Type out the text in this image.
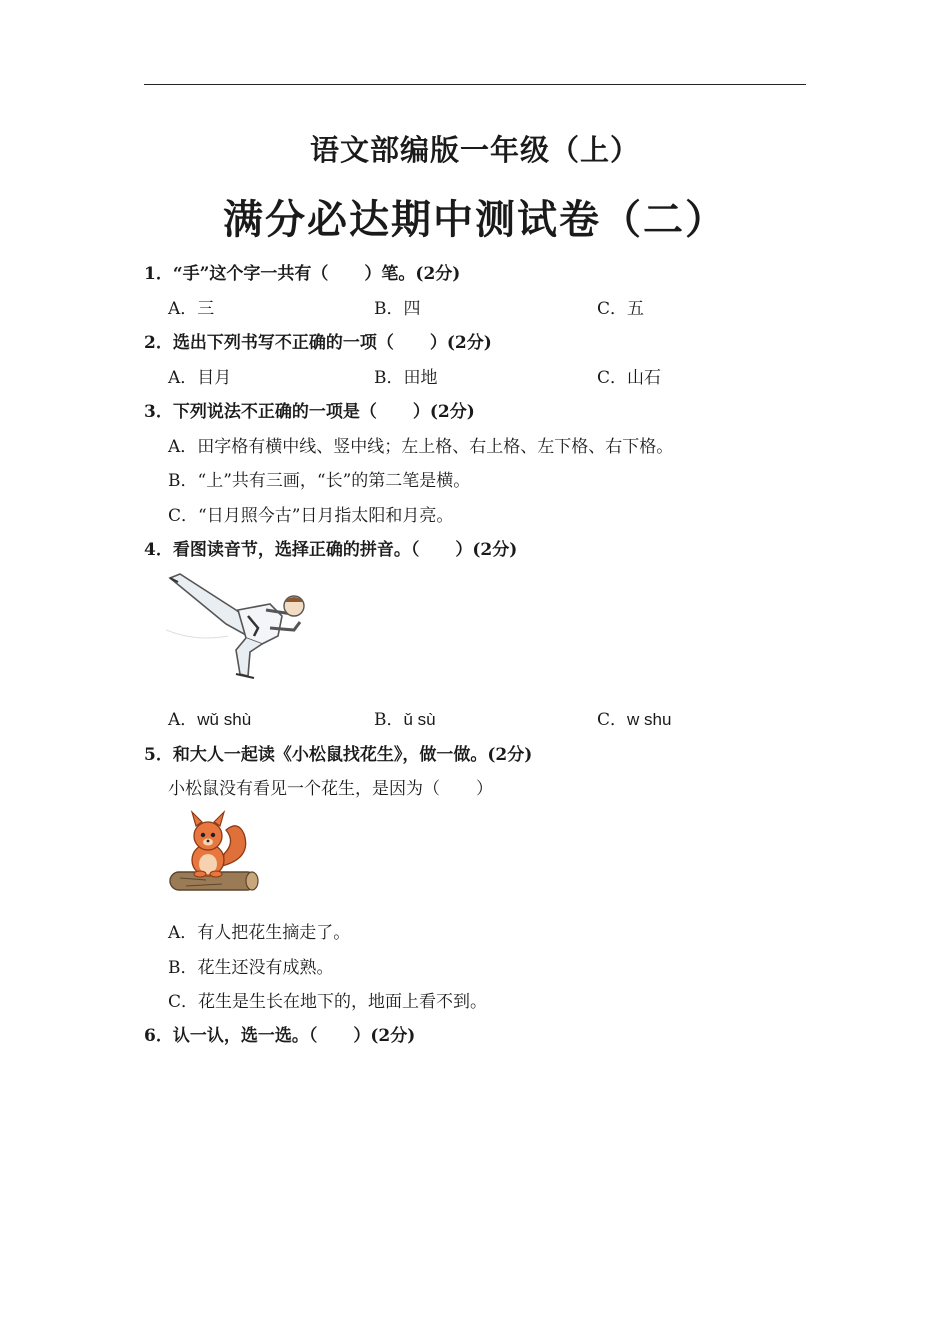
语文部编版一年级（上）
满分必达期中测试卷（二）
1．“手”这个字一共有（ ）笔。(2分)
A．三	B．四	C．五
2．选出下列书写不正确的一项（ ）(2分)
A．目月	B．田地	C．山石
3．下列说法不正确的一项是（ ）(2分)
A．田字格有横中线、竖中线；左上格、右上格、左下格、右下格。
B．“上”共有三画，“长”的第二笔是横。
C．“日月照今古”日月指太阳和月亮。
4．看图读音节，选择正确的拼音。（ ）(2分)
A．wǔ shù	B．ǔ sù	C．w shu
5．和大人一起读《小松鼠找花生》，做一做。(2分)
小松鼠没有看见一个花生，是因为（ ）
A．有人把花生摘走了。
B．花生还没有成熟。
C．花生是生长在地下的，地面上看不到。
6．认一认，选一选。（ ）(2分)
